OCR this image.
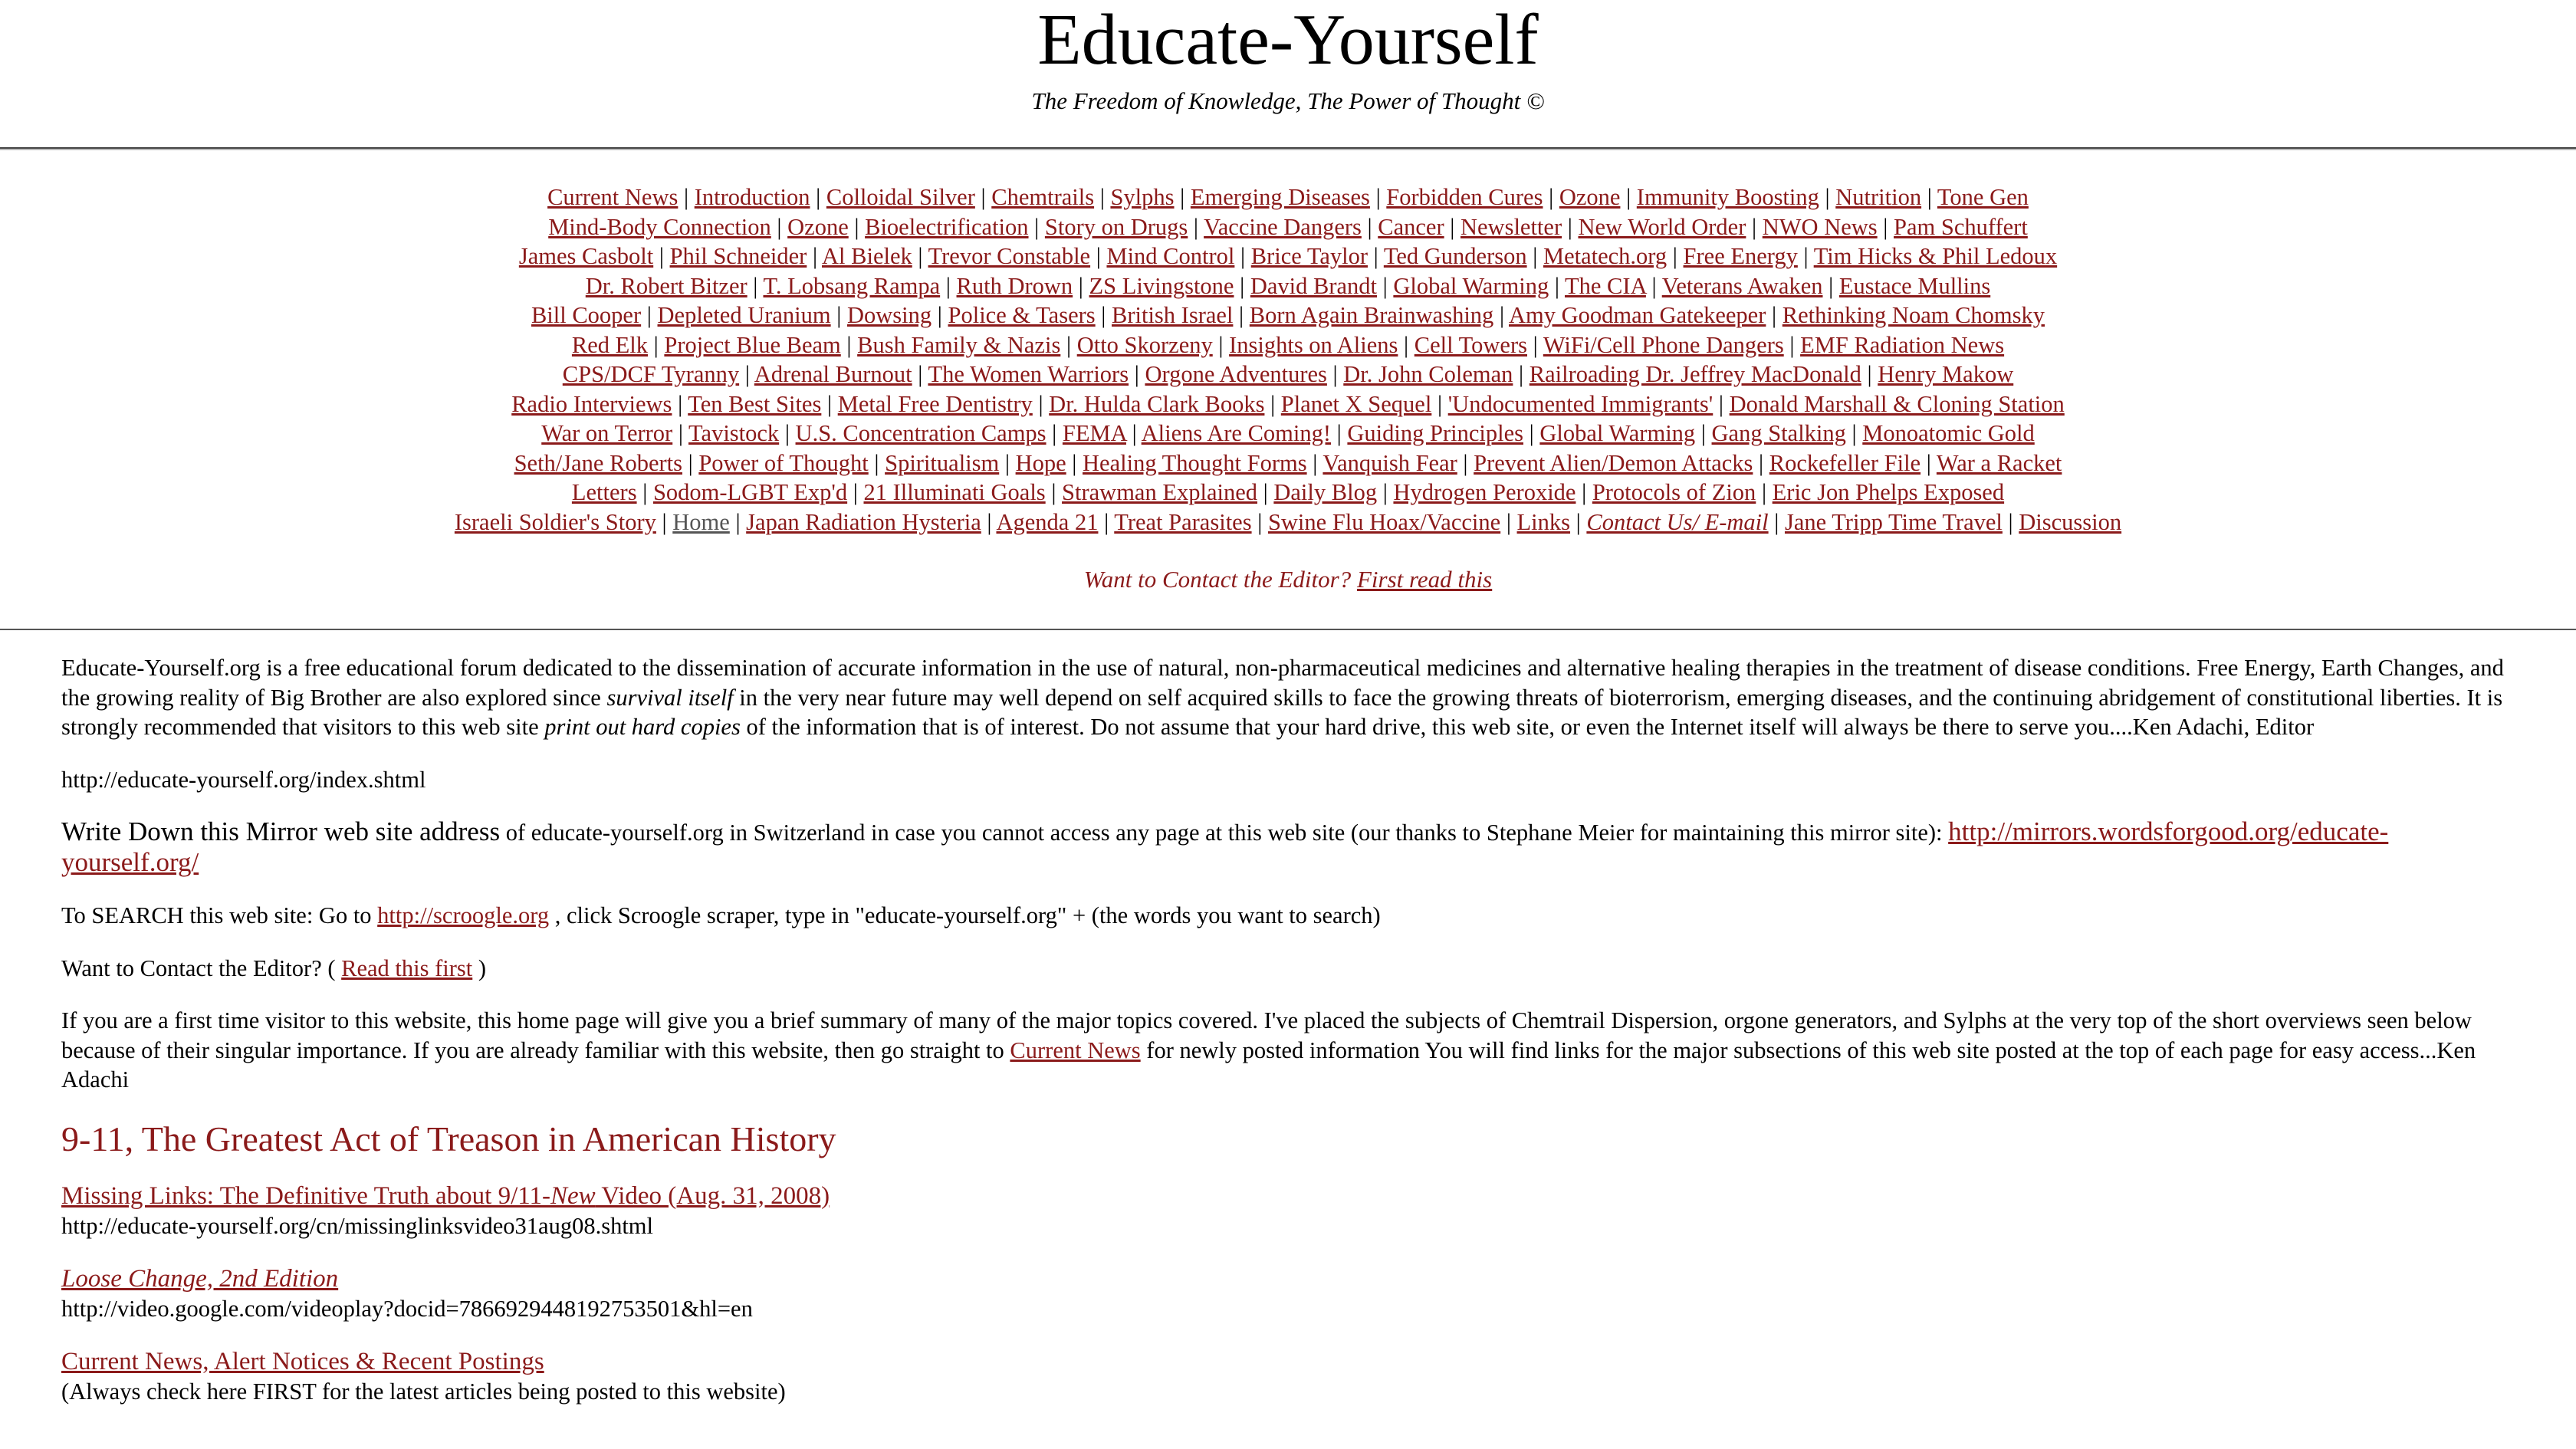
Educate-Yourself
The Freedom of Knowledge, The Power of Thought ©
Current News | Introduction | Colloidal Silver | Chemtrails | Sylphs | Emerging Diseases | Forbidden Cures | Ozone | Immunity Boosting | Nutrition | Tone Gen
Mind-Body Connection | Ozone | Bioelectrification | Story on Drugs | Vaccine Dangers | Cancer | Newsletter | New World Order | NWO News | Pam Schuffert
James Casbolt | Phil Schneider | Al Bielek | Trevor Constable | Mind Control | Brice Taylor | Ted Gunderson | Metatech.org | Free Energy | Tim Hicks & Phil Ledoux
Dr. Robert Bitzer | T. Lobsang Rampa | Ruth Drown | ZS Livingstone | David Brandt | Global Warming | The CIA | Veterans Awaken | Eustace Mullins
Bill Cooper | Depleted Uranium | Dowsing | Police & Tasers | British Israel | Born Again Brainwashing | Amy Goodman Gatekeeper | Rethinking Noam Chomsky
Red Elk | Project Blue Beam | Bush Family & Nazis | Otto Skorzeny | Insights on Aliens | Cell Towers | WiFi/Cell Phone Dangers | EMF Radiation News
CPS/DCF Tyranny | Adrenal Burnout | The Women Warriors | Orgone Adventures | Dr. John Coleman | Railroading Dr. Jeffrey MacDonald | Henry Makow
Radio Interviews | Ten Best Sites | Metal Free Dentistry | Dr. Hulda Clark Books | Planet X Sequel | 'Undocumented Immigrants' | Donald Marshall & Cloning Station
War on Terror | Tavistock | U.S. Concentration Camps | FEMA | Aliens Are Coming! | Guiding Principles | Global Warming | Gang Stalking | Monoatomic Gold
Seth/Jane Roberts | Power of Thought | Spiritualism | Hope | Healing Thought Forms | Vanquish Fear | Prevent Alien/Demon Attacks | Rockefeller File | War a Racket
Letters | Sodom-LGBT Exp'd | 21 Illuminati Goals | Strawman Explained | Daily Blog | Hydrogen Peroxide | Protocols of Zion | Eric Jon Phelps Exposed
Israeli Soldier's Story | Home | Japan Radiation Hysteria | Agenda 21 | Treat Parasites | Swine Flu Hoax/Vaccine | Links | Contact Us/ E-mail | Jane Tripp Time Travel | Discussion
Want to Contact the Editor? First read this

Educate-Yourself.org is a free educational forum dedicated to the dissemination of accurate information in the use of natural, non-pharmaceutical medicines and alternative healing therapies in the treatment of disease conditions. Free Energy, Earth Changes, and the growing reality of Big Brother are also explored since survival itself in the very near future may well depend on self acquired skills to face the growing threats of bioterrorism, emerging diseases, and the continuing abridgement of constitutional liberties. It is strongly recommended that visitors to this web site print out hard copies of the information that is of interest. Do not assume that your hard drive, this web site, or even the Internet itself will always be there to serve you....Ken Adachi, Editor

http://educate-yourself.org/index.shtml

Write Down this Mirror web site address of educate-yourself.org in Switzerland in case you cannot access any page at this web site (our thanks to Stephane Meier for maintaining this mirror site): http://mirrors.wordsforgood.org/educate-yourself.org/

To SEARCH this web site: Go to http://scroogle.org , click Scroogle scraper, type in "educate-yourself.org" + (the words you want to search)

Want to Contact the Editor? ( Read this first )

If you are a first time visitor to this website, this home page will give you a brief summary of many of the major topics covered. I've placed the subjects of Chemtrail Dispersion, orgone generators, and Sylphs at the very top of the short overviews seen below because of their singular importance. If you are already familiar with this website, then go straight to Current News for newly posted information You will find links for the major subsections of this web site posted at the top of each page for easy access...Ken Adachi

9-11, The Greatest Act of Treason in American History
Missing Links: The Definitive Truth about 9/11-New Video (Aug. 31, 2008)
http://educate-yourself.org/cn/missinglinksvideo31aug08.shtml
Loose Change, 2nd Edition
http://video.google.com/videoplay?docid=7866929448192753501&hl=en
Current News, Alert Notices & Recent Postings
(Always check here FIRST for the latest articles being posted to this website)
